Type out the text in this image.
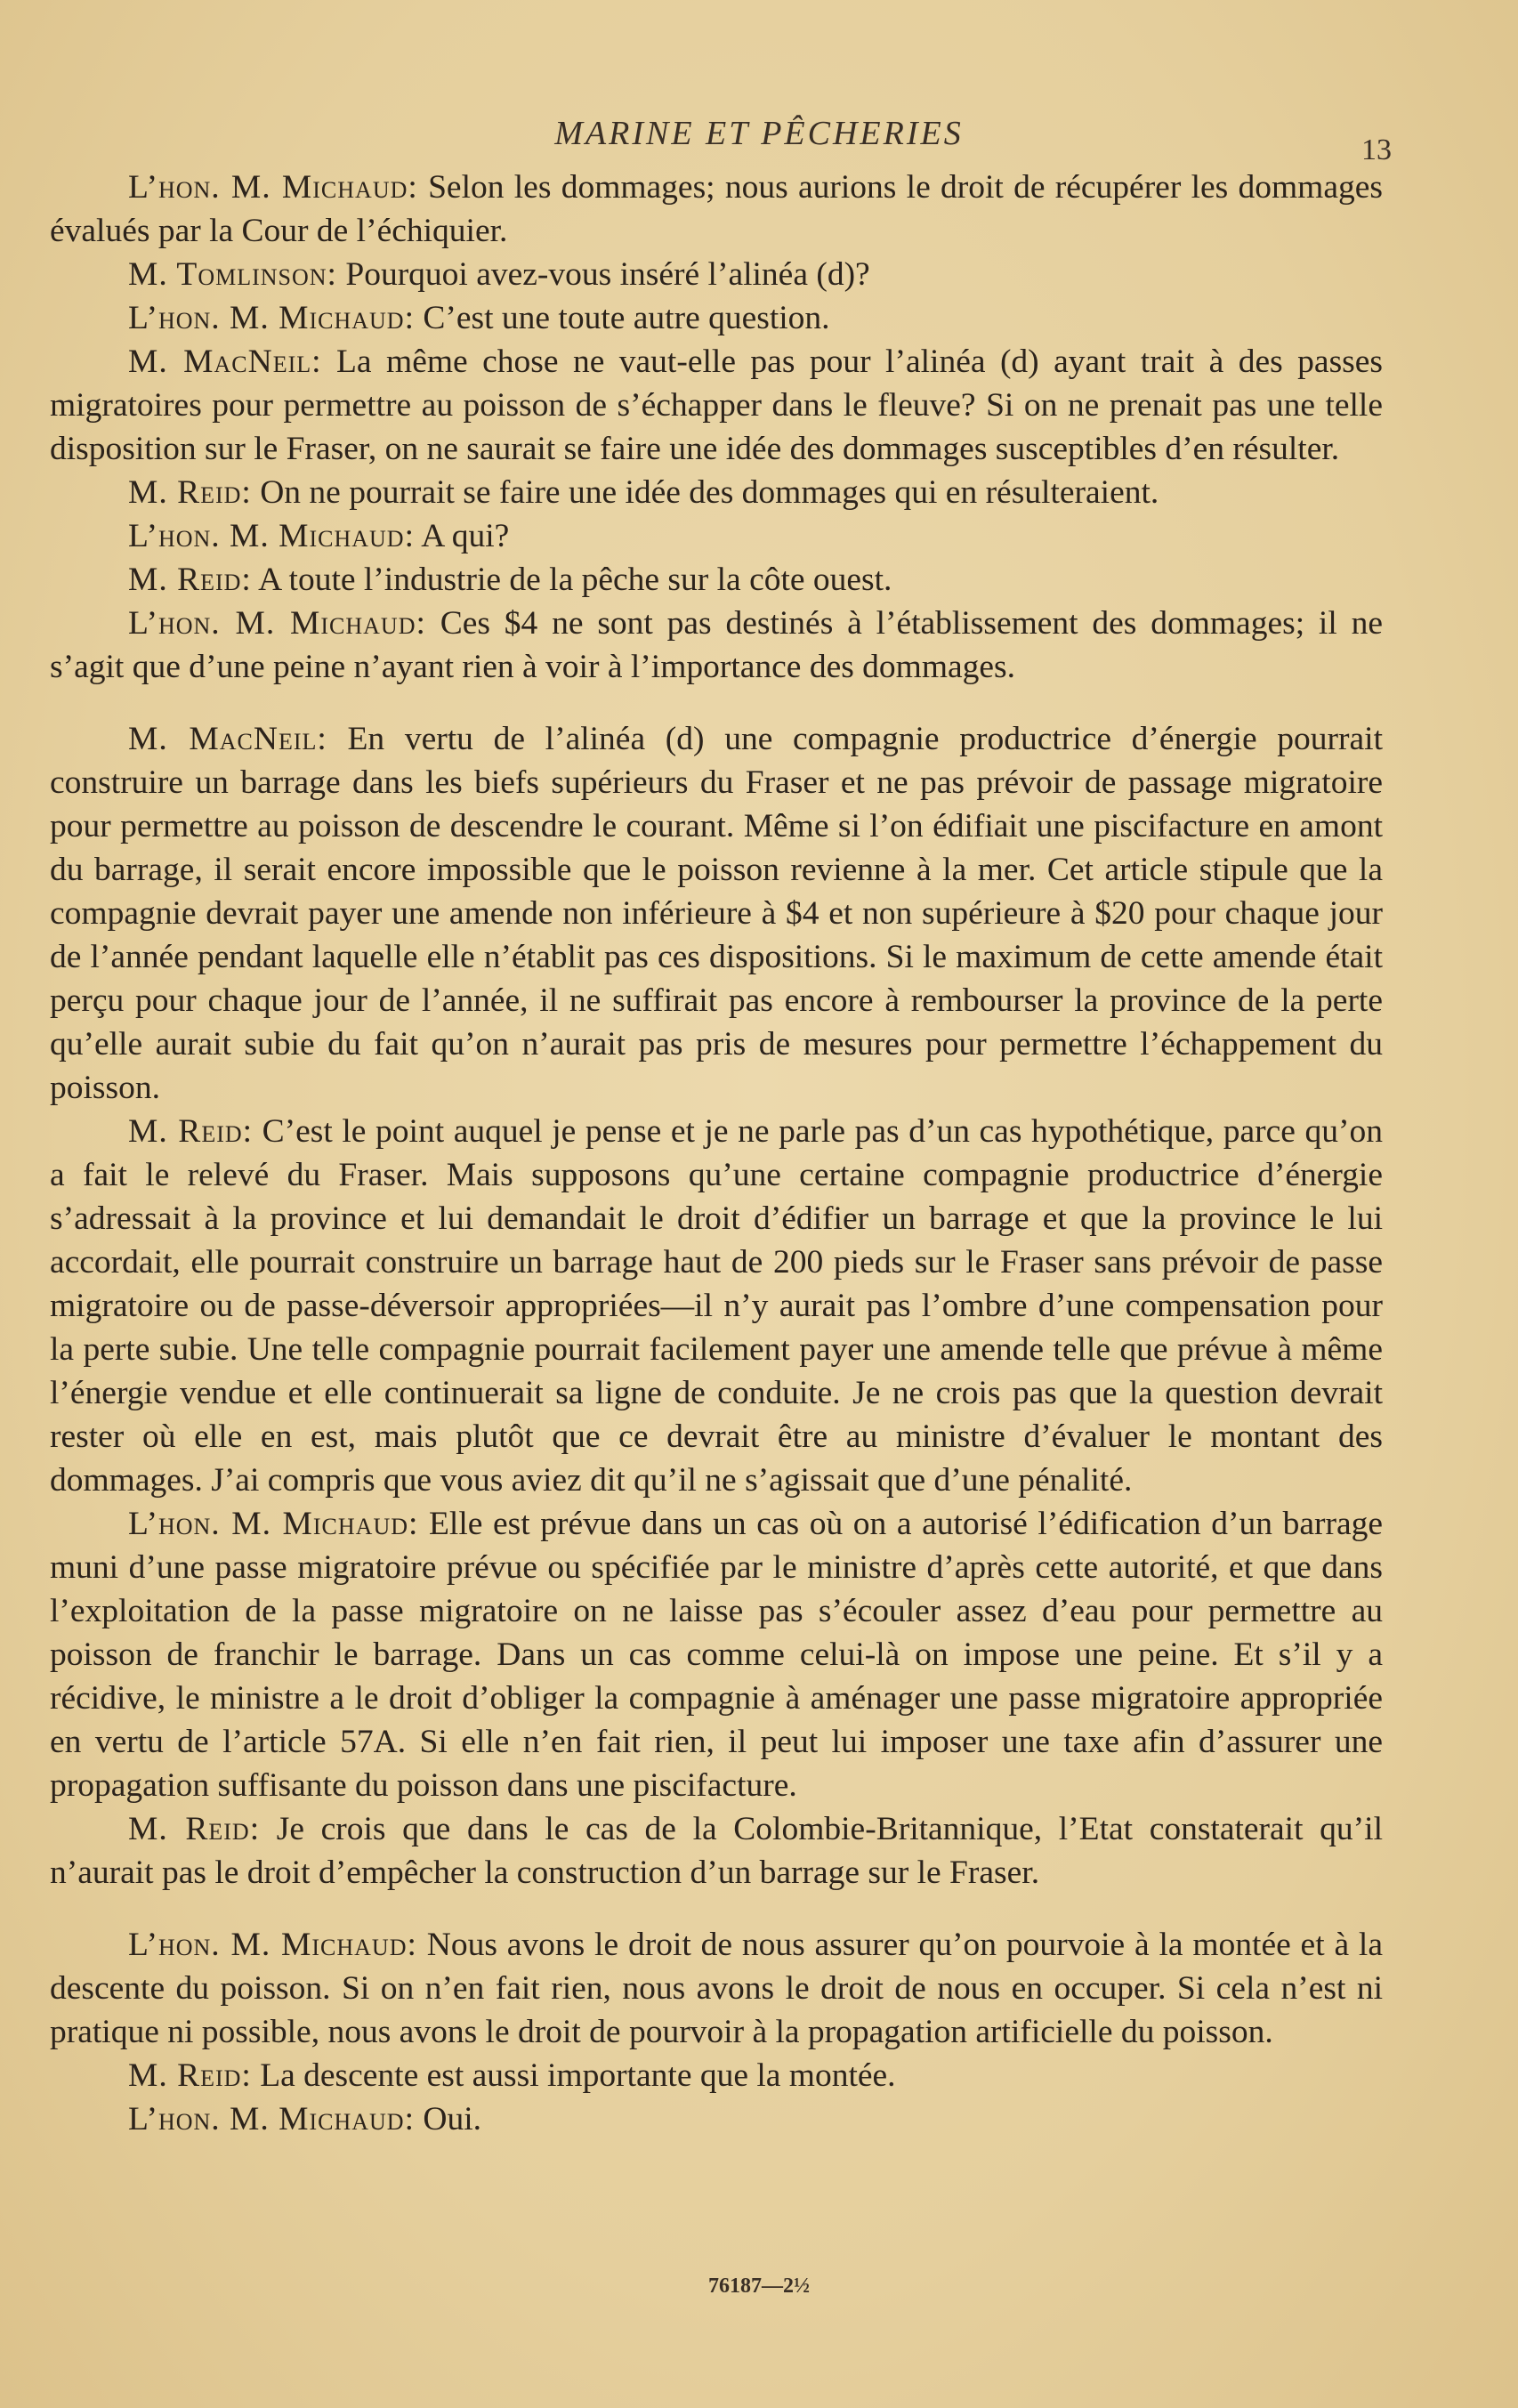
MARINE ET PÊCHERIES	13

L’hon. M. Michaud: Selon les dommages; nous aurions le droit de récupérer les dommages évalués par la Cour de l’échiquier.

M. Tomlinson: Pourquoi avez-vous inséré l’alinéa (d)?

L’hon. M. Michaud: C’est une toute autre question.

M. MacNeil: La même chose ne vaut-elle pas pour l’alinéa (d) ayant trait à des passes migratoires pour permettre au poisson de s’échapper dans le fleuve? Si on ne prenait pas une telle disposition sur le Fraser, on ne saurait se faire une idée des dommages susceptibles d’en résulter.

M. Reid: On ne pourrait se faire une idée des dommages qui en résulteraient.

L’hon. M. Michaud: A qui?

M. Reid: A toute l’industrie de la pêche sur la côte ouest.

L’hon. M. Michaud: Ces $4 ne sont pas destinés à l’établissement des dommages; il ne s’agit que d’une peine n’ayant rien à voir à l’importance des dommages.

M. MacNeil: En vertu de l’alinéa (d) une compagnie productrice d’énergie pourrait construire un barrage dans les biefs supérieurs du Fraser et ne pas prévoir de passage migratoire pour permettre au poisson de descendre le courant. Même si l’on édifiait une piscifacture en amont du barrage, il serait encore impossible que le poisson revienne à la mer. Cet article stipule que la compagnie devrait payer une amende non inférieure à $4 et non supérieure à $20 pour chaque jour de l’année pendant laquelle elle n’établit pas ces dispositions. Si le maximum de cette amende était perçu pour chaque jour de l’année, il ne suffirait pas encore à rembourser la province de la perte qu’elle aurait subie du fait qu’on n’aurait pas pris de mesures pour permettre l’échappement du poisson.

M. Reid: C’est le point auquel je pense et je ne parle pas d’un cas hypothétique, parce qu’on a fait le relevé du Fraser. Mais supposons qu’une certaine compagnie productrice d’énergie s’adressait à la province et lui demandait le droit d’édifier un barrage et que la province le lui accordait, elle pourrait construire un barrage haut de 200 pieds sur le Fraser sans prévoir de passe migratoire ou de passe-déversoir appropriées—il n’y aurait pas l’ombre d’une compensation pour la perte subie. Une telle compagnie pourrait facilement payer une amende telle que prévue à même l’énergie vendue et elle continuerait sa ligne de conduite. Je ne crois pas que la question devrait rester où elle en est, mais plutôt que ce devrait être au ministre d’évaluer le montant des dommages. J’ai compris que vous aviez dit qu’il ne s’agissait que d’une pénalité.

L’hon. M. Michaud: Elle est prévue dans un cas où on a autorisé l’édification d’un barrage muni d’une passe migratoire prévue ou spécifiée par le ministre d’après cette autorité, et que dans l’exploitation de la passe migratoire on ne laisse pas s’écouler assez d’eau pour permettre au poisson de franchir le barrage. Dans un cas comme celui-là on impose une peine. Et s’il y a récidive, le ministre a le droit d’obliger la compagnie à aménager une passe migratoire appropriée en vertu de l’article 57A. Si elle n’en fait rien, il peut lui imposer une taxe afin d’assurer une propagation suffisante du poisson dans une piscifacture.

M. Reid: Je crois que dans le cas de la Colombie-Britannique, l’Etat constaterait qu’il n’aurait pas le droit d’empêcher la construction d’un barrage sur le Fraser.

L’hon. M. Michaud: Nous avons le droit de nous assurer qu’on pourvoie à la montée et à la descente du poisson. Si on n’en fait rien, nous avons le droit de nous en occuper. Si cela n’est ni pratique ni possible, nous avons le droit de pourvoir à la propagation artificielle du poisson.

M. Reid: La descente est aussi importante que la montée.

L’hon. M. Michaud: Oui.

76187—2½
